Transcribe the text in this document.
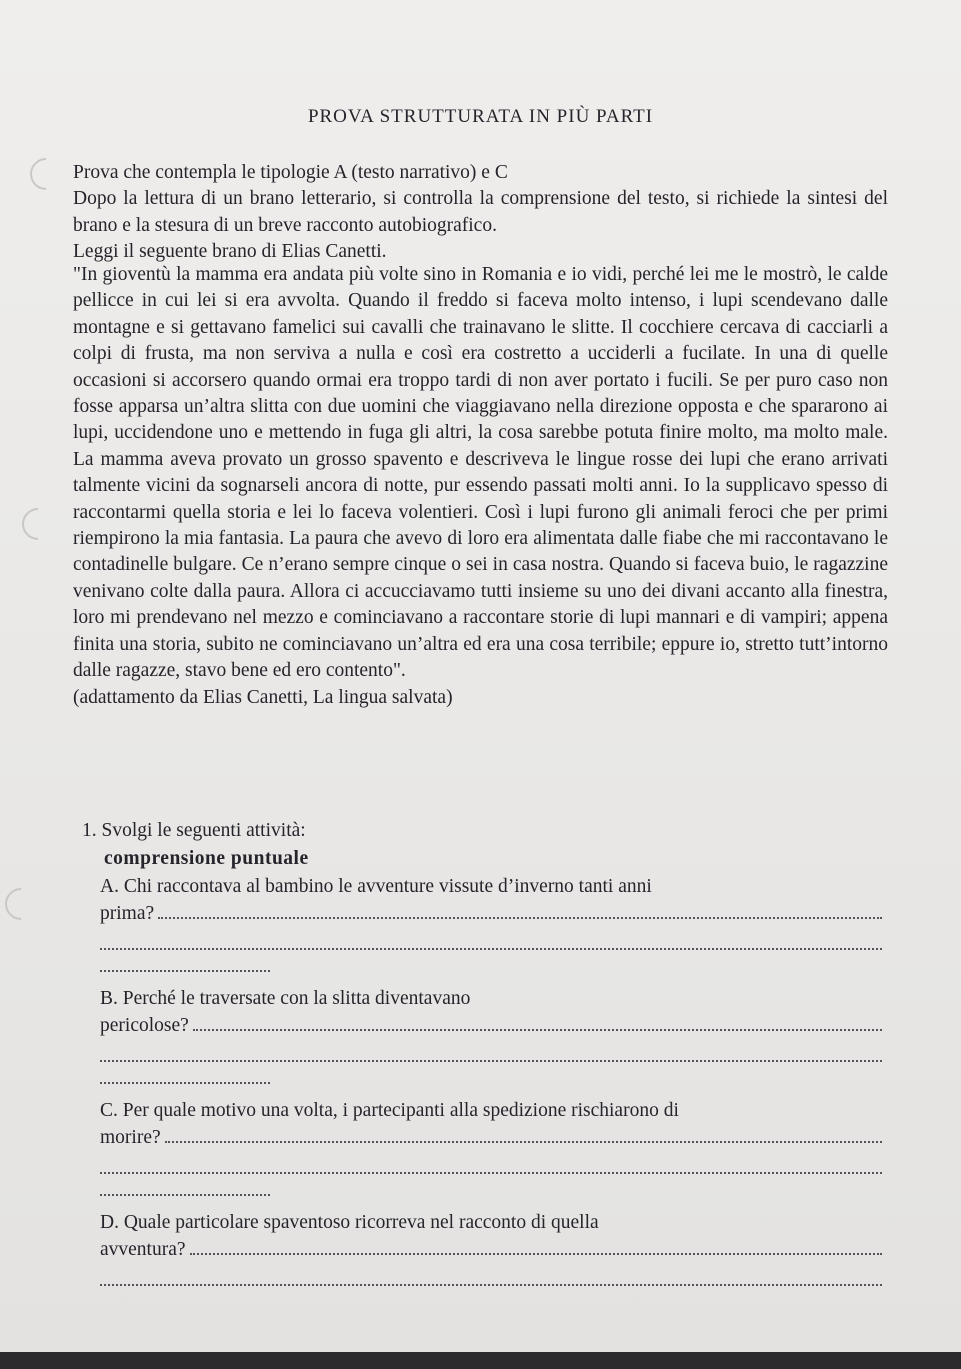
PROVA STRUTTURATA IN PIÙ PARTI

Prova che contempla le tipologie A (testo narrativo) e C

Dopo la lettura di un brano letterario, si controlla la comprensione del testo, si richiede la sintesi del brano e la stesura di un breve racconto autobiografico.

Leggi il seguente brano di Elias Canetti.

"In gioventù la mamma era andata più volte sino in Romania e io vidi, perché lei me le mostrò, le calde pellicce in cui lei si era avvolta. Quando il freddo si faceva molto intenso, i lupi scendevano dalle montagne e si gettavano famelici sui cavalli che trainavano le slitte. Il cocchiere cercava di cacciarli a colpi di frusta, ma non serviva a nulla e così era costretto a ucciderli a fucilate. In una di quelle occasioni si accorsero quando ormai era troppo tardi di non aver portato i fucili. Se per puro caso non fosse apparsa un’altra slitta con due uomini che viaggiavano nella direzione opposta e che spararono ai lupi, uccidendone uno e mettendo in fuga gli altri, la cosa sarebbe potuta finire molto, ma molto male. La mamma aveva provato un grosso spavento e descriveva le lingue rosse dei lupi che erano arrivati talmente vicini da sognarseli ancora di notte, pur essendo passati molti anni. Io la supplicavo spesso di raccontarmi quella storia e lei lo faceva volentieri. Così i lupi furono gli animali feroci che per primi riempirono la mia fantasia. La paura che avevo di loro era alimentata dalle fiabe che mi raccontavano le contadinelle bulgare. Ce n’erano sempre cinque o sei in casa nostra. Quando si faceva buio, le ragazzine venivano colte dalla paura. Allora ci accucciavamo tutti insieme su uno dei divani accanto alla finestra, loro mi prendevano nel mezzo e cominciavano a raccontare storie di lupi mannari e di vampiri; appena finita una storia, subito ne cominciavano un’altra ed era una cosa terribile; eppure io, stretto tutt’intorno dalle ragazze, stavo bene ed ero contento".

(adattamento da Elias Canetti, La lingua salvata)

1. Svolgi le seguenti attività:

comprensione puntuale

A. Chi raccontava al bambino le avventure vissute d’inverno tanti anni
prima?
B. Perché le traversate con la slitta diventavano
pericolose?
C. Per quale motivo una volta, i partecipanti alla spedizione rischiarono di
morire?
D. Quale particolare spaventoso ricorreva nel racconto di quella
avventura?
